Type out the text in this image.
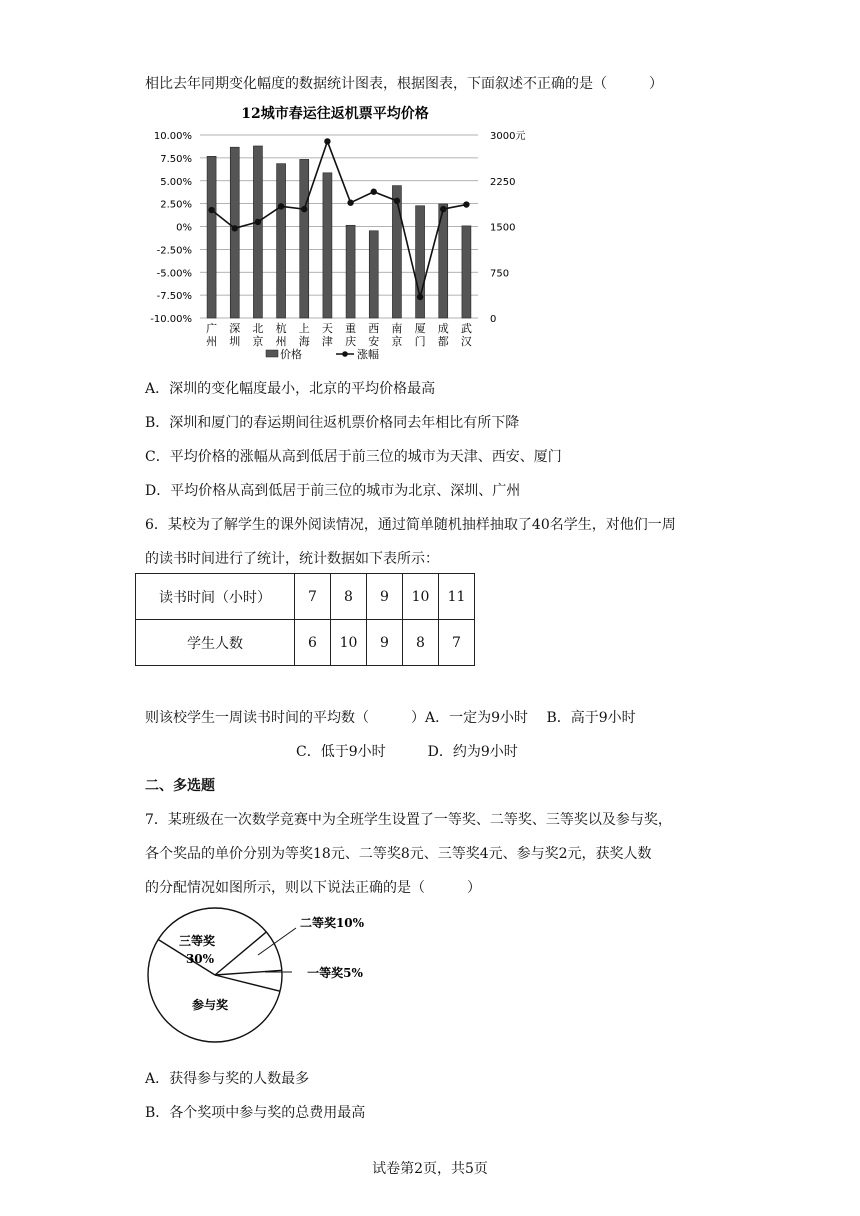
相比去年同期变化幅度的数据统计图表，根据图表，下面叙述不正确的是（　　　）
12城市春运往返机票平均价格
10.00%
7.50%
5.00%
2.50%
0%
-2.50%
-5.00%
-7.50%
-10.00%
3000元
2250
1500
750
0
广
州
深
圳
北
京
杭
州
上
海
天
津
重
庆
西
安
南
京
厦
门
成
都
武
汉
价格	涨幅
A．深圳的变化幅度最小，北京的平均价格最高
B．深圳和厦门的春运期间往返机票价格同去年相比有所下降
C．平均价格的涨幅从高到低居于前三位的城市为天津、西安、厦门
D．平均价格从高到低居于前三位的城市为北京、深圳、广州
6．某校为了解学生的课外阅读情况，通过简单随机抽样抽取了40名学生，对他们一周
的读书时间进行了统计，统计数据如下表所示：
读书时间（小时）	7	8	9	10	11
学生人数	6	10	9	8	7
则该校学生一周读书时间的平均数（　　　）A．一定为9小时　 B．高于9小时
C．低于9小时　　　D．约为9小时
二、多选题
7．某班级在一次数学竞赛中为全班学生设置了一等奖、二等奖、三等奖以及参与奖，
各个奖品的单价分别为等奖18元、二等奖8元、三等奖4元、参与奖2元，获奖人数
的分配情况如图所示，则以下说法正确的是（　　　）
二等奖10%
一等奖5%
参与奖
三等奖
30%
A．获得参与奖的人数最多
B．各个奖项中参与奖的总费用最高
试卷第2页，共5页
